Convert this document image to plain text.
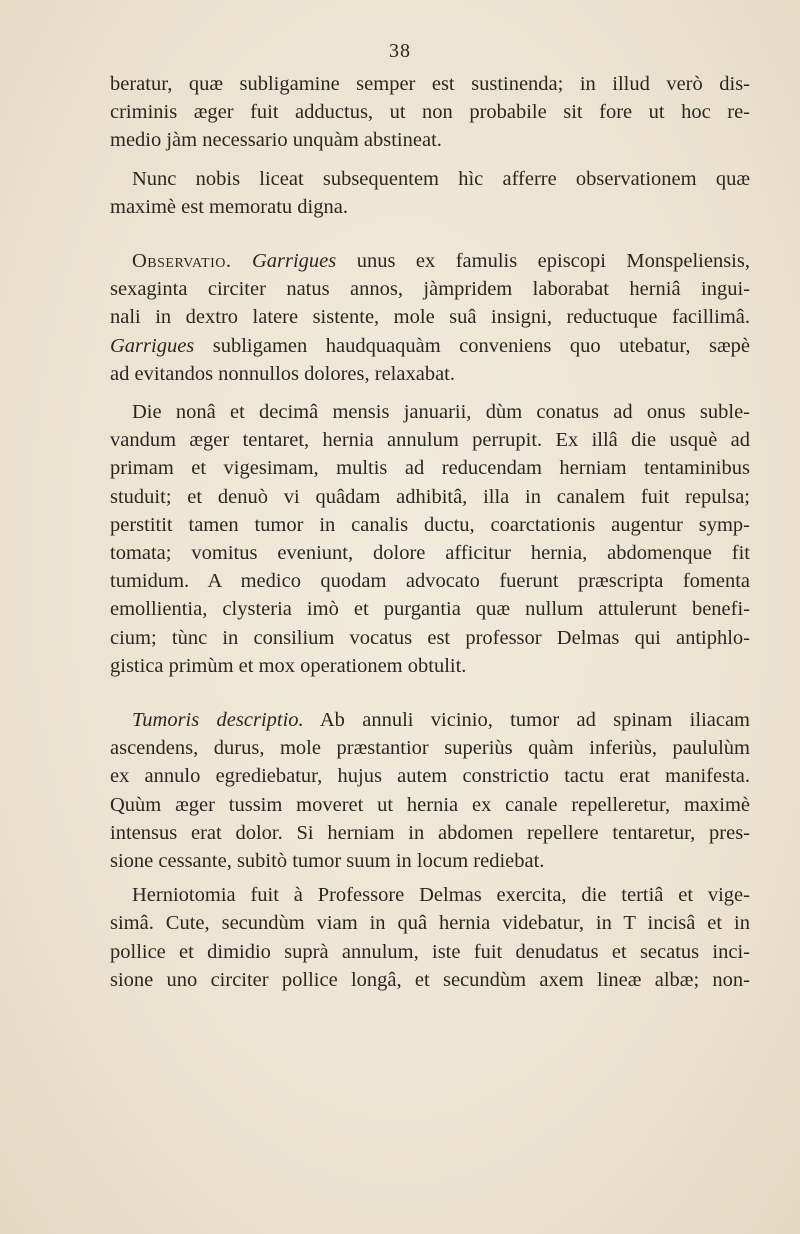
38

beratur, quæ subligamine semper est sustinenda; in illud verò dis-
criminis æger fuit adductus, ut non probabile sit fore ut hoc re-
medio jàm necessario unquàm abstineat.

Nunc nobis liceat subsequentem hìc afferre observationem quæ
maximè est memoratu digna.

Observatio. Garrigues unus ex famulis episcopi Monspeliensis,
sexaginta circiter natus annos, jàmpridem laborabat herniâ ingui-
nali in dextro latere sistente, mole suâ insigni, reductuque facillimâ.
Garrigues subligamen haudquaquàm conveniens quo utebatur, sæpè
ad evitandos nonnullos dolores, relaxabat.

Die nonâ et decimâ mensis januarii, dùm conatus ad onus suble-
vandum æger tentaret, hernia annulum perrupit. Ex illâ die usquè ad
primam et vigesimam, multis ad reducendam herniam tentaminibus
studuit; et denuò vi quâdam adhibitâ, illa in canalem fuit repulsa;
perstitit tamen tumor in canalis ductu, coarctationis augentur symp-
tomata; vomitus eveniunt, dolore afficitur hernia, abdomenque fit
tumidum. A medico quodam advocato fuerunt præscripta fomenta
emollientia, clysteria imò et purgantia quæ nullum attulerunt benefi-
cium; tùnc in consilium vocatus est professor Delmas qui antiphlo-
gistica primùm et mox operationem obtulit.

Tumoris descriptio. Ab annuli vicinio, tumor ad spinam iliacam
ascendens, durus, mole præstantior superiùs quàm inferiùs, paululùm
ex annulo egrediebatur, hujus autem constrictio tactu erat manifesta.
Quùm æger tussim moveret ut hernia ex canale repelleretur, maximè
intensus erat dolor. Si herniam in abdomen repellere tentaretur, pres-
sione cessante, subitò tumor suum in locum rediebat.

Herniotomia fuit à Professore Delmas exercita, die tertiâ et vige-
simâ. Cute, secundùm viam in quâ hernia videbatur, in T incisâ et in
pollice et dimidio suprà annulum, iste fuit denudatus et secatus inci-
sione uno circiter pollice longâ, et secundùm axem lineæ albæ; non-
